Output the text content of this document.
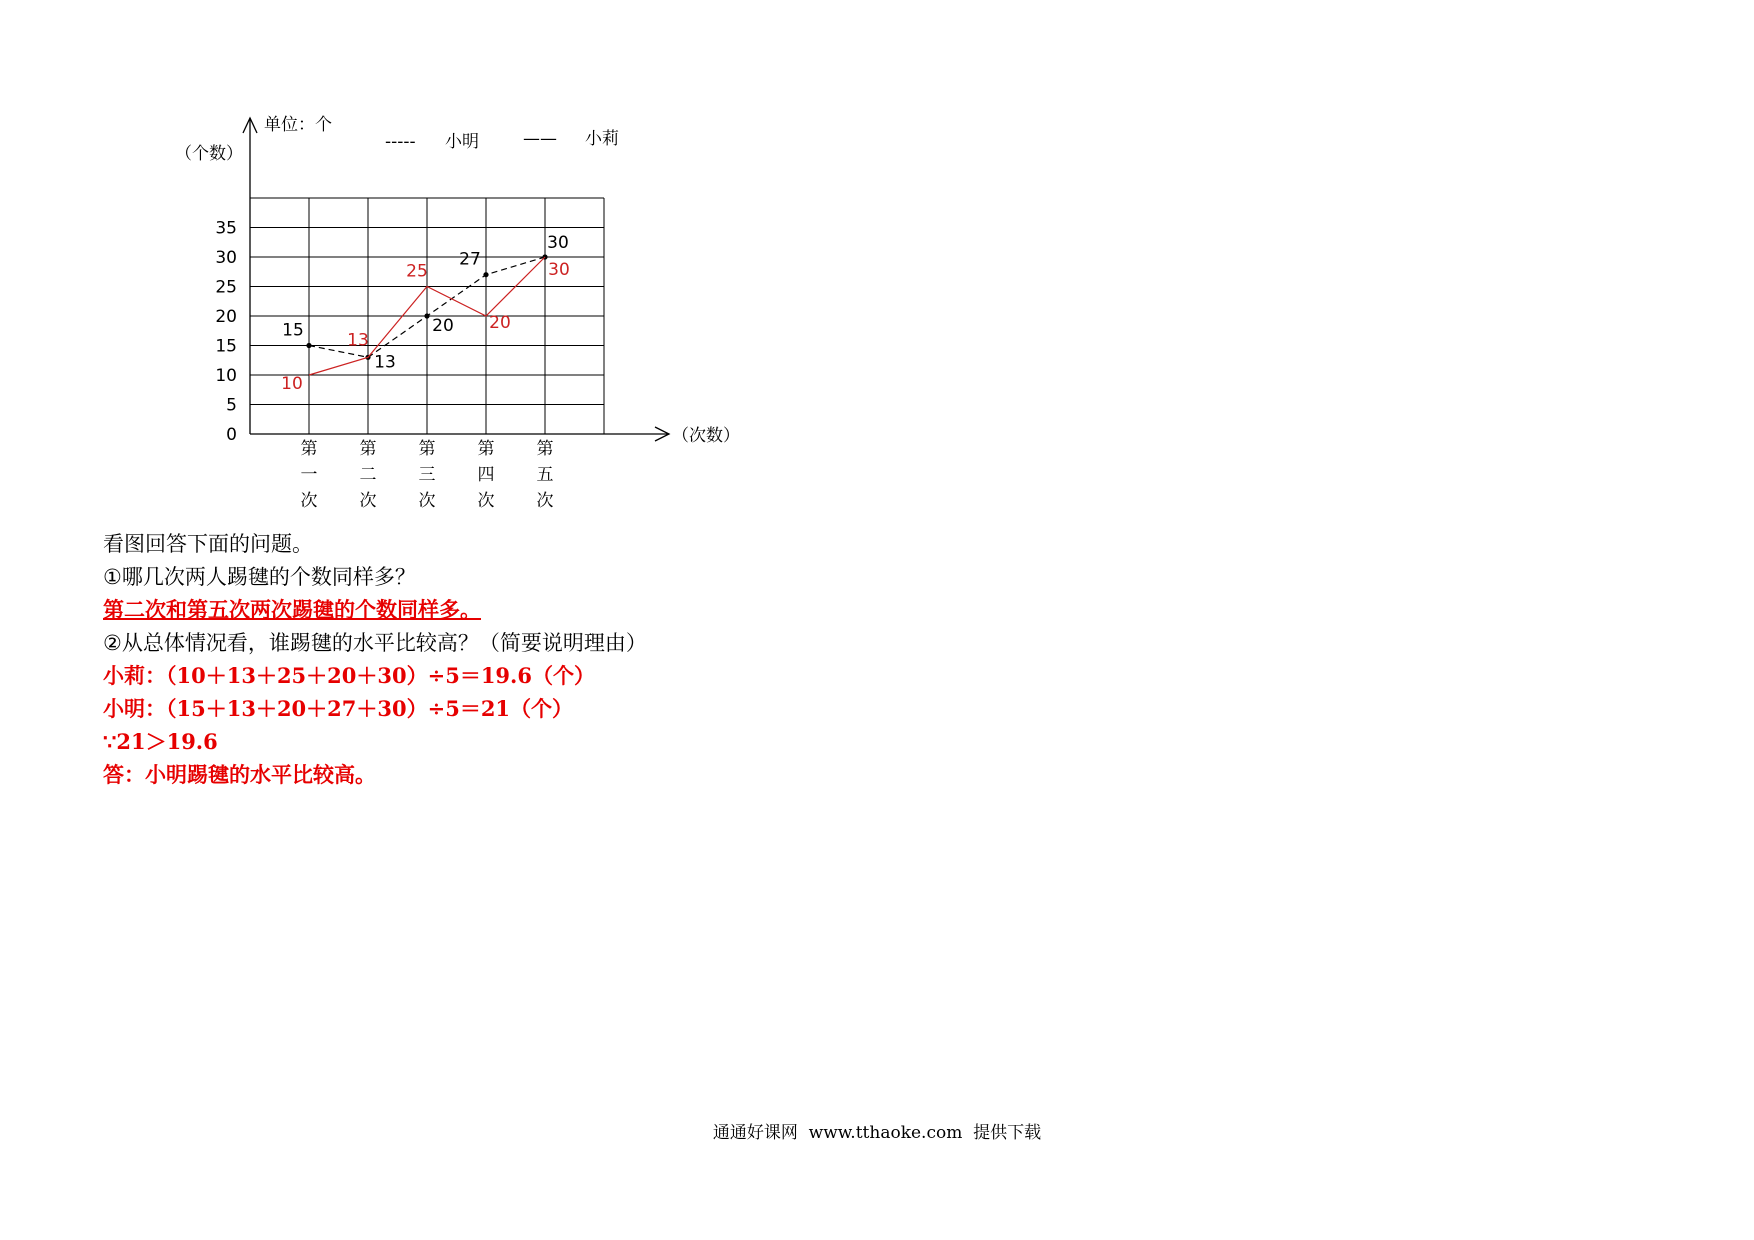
单位：个
（个数）
（次数）
----- 小明	—— 小莉
0
5
10
15
20
25
30
35
第一次
第二次
第三次
第四次
第五次
15
13
20
27
30
10
13
25
20
30
看图回答下面的问题。
①哪几次两人踢毽的个数同样多？
第二次和第五次两次踢毽的个数同样多。
②从总体情况看，谁踢毽的水平比较高？（简要说明理由）
小莉：（10＋13＋25＋20＋30）÷5＝19.6（个）
小明：（15＋13＋20＋27＋30）÷5＝21（个）
∵21＞19.6
答：小明踢毽的水平比较高。
通通好课网  www.tthaoke.com  提供下载
